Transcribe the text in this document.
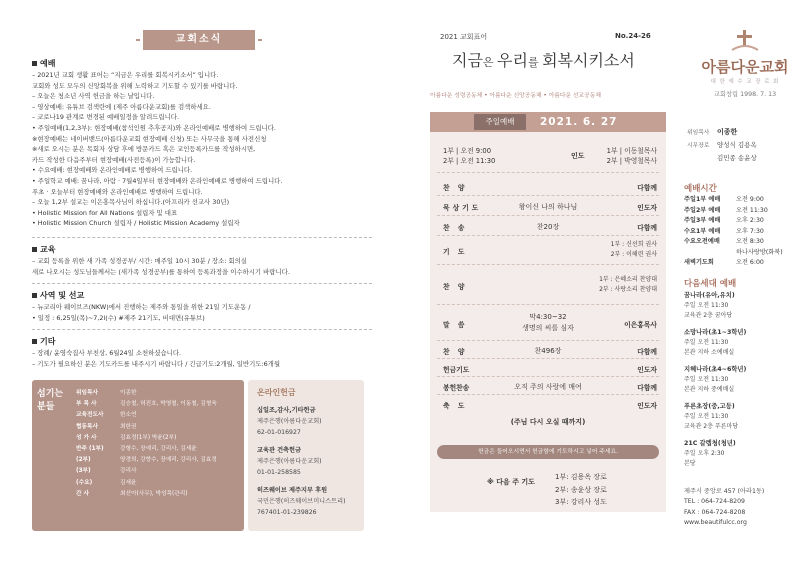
교회소식
예배
– 2021년 교회 생활 표어는 “지금은 우리를 회복시키소서” 입니다.
교회와 성도 모두의 신앙회복을 위해 노력하고 기도할 수 있기를 바랍니다.
– 오늘은 청소년 사역 헌금을 하는 날입니다.
– 영상예배: 유튜브 검색란에 (제주 아름다운교회)를 검색하세요.
– 코로나19 관계로 변경된 예배일정을 알려드립니다.
• 주일예배(1,2,3부): 현장예배(참석인원 추후공지)와 온라인예배로 병행하여 드립니다.
※현장예배는 네이버밴드(아름다운교회 현장예배 신청) 또는 사무국을 통해 사전신청
※새로 오시는 분은 목회자 상담 후에 방문카드 혹은 교인등록카드를 작성하시면,
카드 작성한 다음주부터 현장예배(사전등록)이 가능합니다.
• 수요예배: 현장예배와 온라인예배로 병행하여 드립니다.
• 주일학교 예배: 꿈나라, 아람 · 7월4일부터 현장예배와 온라인예배로 병행하여 드립니다.
푸초 · 오늘부터 현장예배와 온라인예배로 병행하여 드립니다.
– 오늘 1,2부 설교는 이은홍목사님이 하십니다.(아프리카 선교사 30년)
• Holistic Mission for All Nations 설립자 및 대표
• Holistic Mission Church 설립자 / Holistic Mission Academy 설립자
교육
– 교회 등록을 위한 새 가족 성경공부/ 시간: 매주일 10시 30분 / 장소: 회의실
새로 나오시는 성도님들께서는 (새가족 성경공부)를 통하여 등록과정을 이수하시기 바랍니다.
사역 및 선교
– 뉴코리아 웨이브즈(NKW)에서 진행하는 제주와 통일을 위한 21일 기도운동 /
• 일정 : 6,25일(목)~7,2l(수) #제주 21기도, 비대면(유튜브)
기타
– 장례/ 윤영숙집사 부친상, 6월24일 소천하셨습니다.
– 기도가 필요하신 분은 기도카드를 내주시기 바랍니다 / 긴급기도:2개월, 일반기도:6개월
섬기는 분들
위임목사	이종한
부 목 사	김승철, 허진호, 박영철, 이동철, 김형욱
교육전도사	한소연
협동목사	최한권
성 가 사	김효정(1부) 박윤(2부)
반주 (1부)	강형수, 장예리, 강리사, 김세윤
(2부)	양경희, 강향수, 장예리, 강리사, 김효정
(3부)	강리사
(수요)	김세윤
간 사	최선아(사무), 박성목(관리)
온라인헌금
십일조,감사,기타헌금
제주은행(아름다운교회)
62-01-016927
교육관 건축헌금
제주은행(아름다운교회)
01-01-258585
히즈웨이브 제주지부 후원
국민은행(히즈웨이브미니스트리)
767401-01-239826
2021 교회표어	No.24-26
지금은 우리를 회복시키소서
아름다운 성령공동체 • 아름다운 신앙공동체 • 아름다운 선교공동체
주일예배	2021. 6. 27
1부 | 오전 9:00
2부 | 오전 11:30
인도
1부 | 이동철목사
2부 | 박영철목사
찬 양	다함께
묵상기도	왕이신 나의 하나님	인도자
찬 송	찬20장	다함께
기 도
1부 : 신선희 권사
2부 : 이해련 권사
찬 양
1부 : 은혜소리 찬양대
2부 : 사랑소리 찬양대
말 씀
막4:30~32
생명의 씨를 심자	이은홍목사
찬 양	찬496장	다함께
헌금기도	인도자
봉헌찬송	오직 주의 사랑에 매여	다함께
축 도	인도자
(주님 다시 오실 때까지)
헌금은 들어오시면서 헌금함에 기도하시고 넣어 주세요.
※ 다음 주 기도
1부: 김용옥 장로
2부: 송윤상 장로
3부: 강리사 성도
아름다운교회
대 한 예 수 교 장 로 회
교회창립 1998. 7. 13
위임목사 이종한
시무장로 양성식 김용옥
김민종 송윤상
예배시간
주일1부 예배	오전 9:00
주일2부 예배	오전 11:30
주일3부 예배	오후 2:30
수요1부 예배	오후 7:30
수요오전예배	오전 8:30
하나사랑방(화북)
새벽기도회	오전 6:00
다음세대 예배
꿈나라(유아,유치)
주일 오전 11:30
교육관 2층 꿈아당
소망나라(초1~3학년)
주일 오전 11:30
본관 지하 소예배실
지혜나라(초4~6학년)
주일 오전 11:30
본관 지하 중예배실
푸른초장(중,고등)
주일 오전 11:30
교육관 2층 푸른마당
21C 갈렙청(청년)
주일 오후 2:30
본당
제주시 중앙로 457 (아라1동)
TEL : 064-724-8209
FAX : 064-724-8208
www.beautifulcc.org
